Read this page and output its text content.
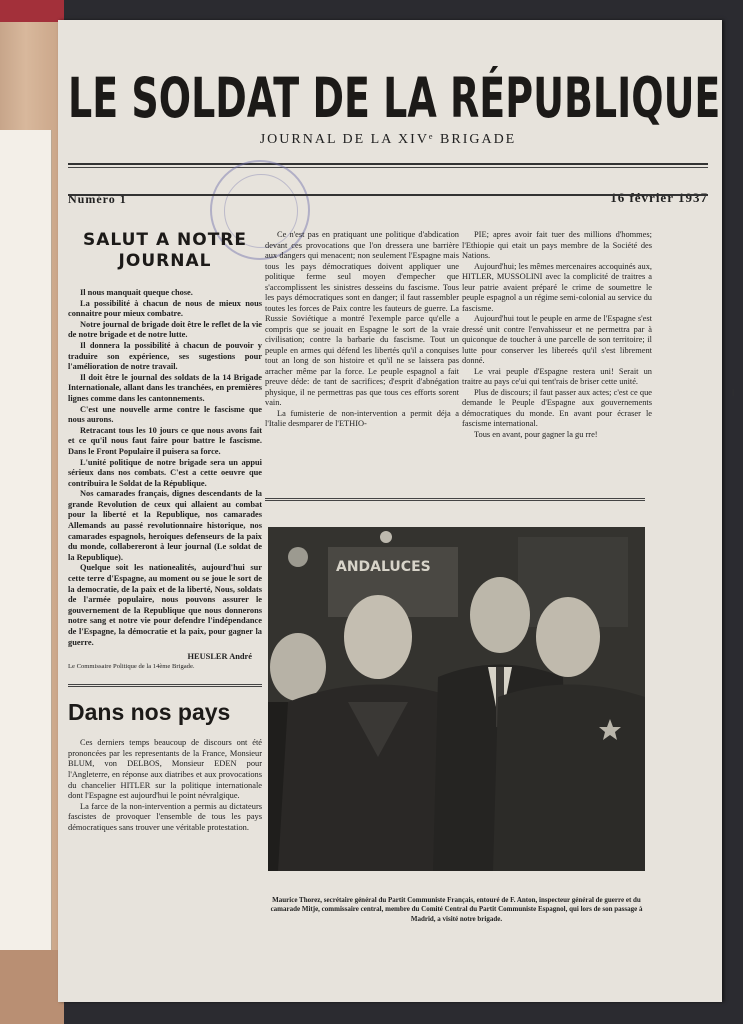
LE SOLDAT DE LA RÉPUBLIQUE
JOURNAL DE LA XIVᵉ BRIGADE
Numéro 1	16 février 1937
SALUT A NOTRE JOURNAL

Il nous manquait queque chose.

La possibilité à chacun de nous de mieux nous connaitre pour mieux combatre.

Notre journal de brigade doit être le reflet de la vie de notre brigade et de notre lutte.

Il donnera la possibilité à chacun de pouvoir y traduire son expérience, ses sugestions pour l'amélioration de notre travail.

Il doit être le journal des soldats de la 14 Brigade Internationale, allant dans les tranchées, en premières lignes comme dans les cantonnements.

C'est une nouvelle arme contre le fascisme que nous aurons.

Retracant tous les 10 jours ce que nous avons fait et ce qu'il nous faut faire pour battre le fascisme. Dans le Front Populaire il puisera sa force.

L'unité politique de notre brigade sera un appui sérieux dans nos combats. C'est a cette oeuvre que contribuira le Soldat de la République.

Nos camarades français, dignes descendants de la grande Revolution de ceux qui allaient au combat pour la liberté et la Republique, nos camarades Allemands au passé revolutionnaire historique, nos camarades espagnols, heroiques defenseurs de la paix du monde, collabereront à leur journal (Le soldat de la Republique).

Quelque soit les nationealités, aujourd'hui sur cette terre d'Espagne, au moment ou se joue le sort de la democratie, de la paix et de la liberté, Nous, soldats de l'armée populaire, nous pouvons assurer le gouvernement de la Republique que nous donnerons notre sang et notre vie pour defendre l'indépendance de l'Espagne, la démocratie et la paix, pour gagner la guerre.

HEUSLER André
Le Commissaire Politique de la 14ème Brigade.
Dans nos pays

Ces derniers temps beaucoup de discours ont été prononcées par les representants de la France, Monsieur BLUM, von DELBOS, Monsieur EDEN pour l'Angleterre, en réponse aux diatribes et aux provocations du chancelier HITLER sur la politique internationale dont l'Espagne est aujourd'hui le point névralgique.

La farce de la non-intervention a permis au dictateurs fascistes de provoquer l'ensemble de tous les pays démocratiques sans trouver une véritable protestation.

Ce n'est pas en pratiquant une politique d'abdication devant ces provocations que l'on dressera une barrière aux dangers qui menacent; non seulement l'Espagne mais tous les pays démocratiques doivent appliquer une politique ferme seul moyen d'empecher que s'accomplissent les sinistres desseins du fascisme. Tous les pays démocratiques sont en danger; il faut rassembler toutes les forces de Paix contre les fauteurs de guerre. La Russie Soviétique a montré l'exemple parce qu'elle a compris que se jouait en Espagne le sort de la vraie civilisation; contre la barbarie du fascisme. Tout un peuple en armes qui défend les libertés qu'il a conquises tout an long de son histoire et qu'il ne se laissera pas arracher même par la force. Le peuple espagnol a fait preuve déde: de tant de sacrifices; d'esprit d'abnégation physique, il ne permettras pas que tous ces efforts sorent vain.

La fumisterie de non-intervention a permit déja a l'Italie desmparer de l'ETHIO-

PIE; apres avoir fait tuer des millions d'hommes; l'Ethiopie qui etait un pays membre de la Société des Nations.

Aujourd'hui; les mêmes mercenaires accoquinés aux, HITLER, MUSSOLINI avec la complicité de traitres a leur patrie avaient préparé le crime de soumettre le peuple espagnol a un régime semi-colonial au service du fascisme.

Aujourd'hui tout le peuple en arme de l'Espagne s'est dressé unit contre l'envahisseur et ne permettra par à quiconque de toucher à une parcelle de son territoire; il lutte pour conserver les libereés qu'il s'est librement donné.

Le vrai peuple d'Espagne restera uni! Serait un traitre au pays ce'ui qui tent'rais de briser cette unité.

Plus de discours; il faut passer aux actes; c'est ce que demande le Peuple d'Espagne aux gouvernements démocratiques du monde. En avant pour écraser le fascisme international.

Tous en avant, pour gagner la gu rre!

ǀ
ANDALUCES
Maurice Thorez, secrétaire général du Partit Communiste Français, entouré de F. Anton, inspecteur général de guerre et du camarade Mitje, commissaire central, membre du Comité Central du Partit Communiste Espagnol, qui lors de son passage à Madrid, a visité notre brigade.
